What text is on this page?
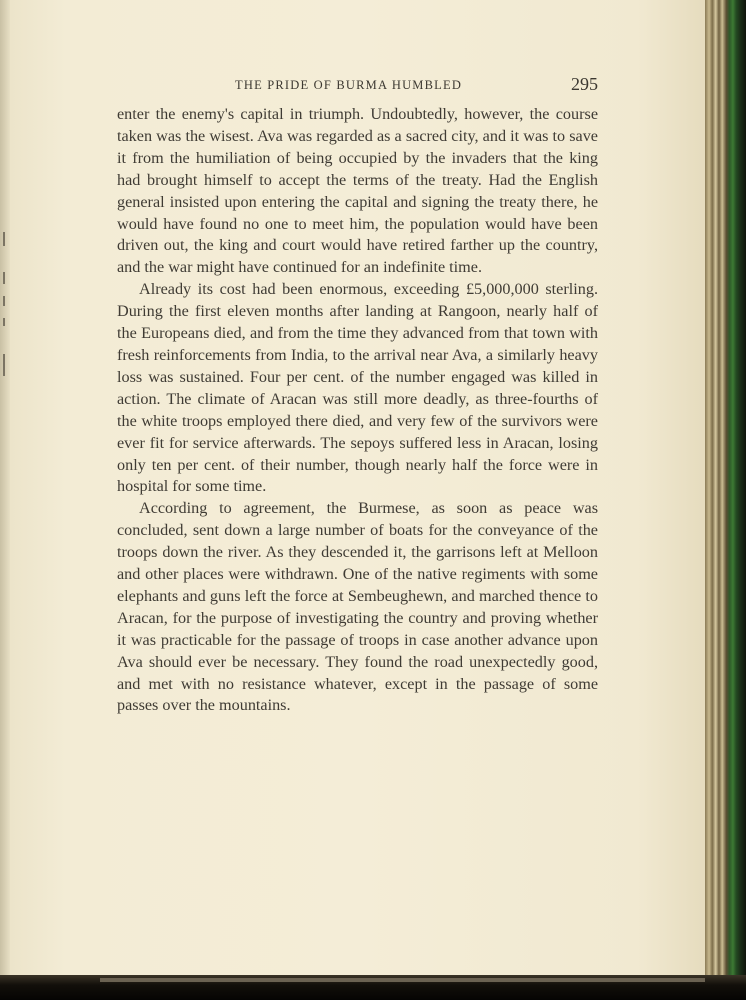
THE PRIDE OF BURMA HUMBLED	295

enter the enemy's capital in triumph. Undoubtedly, however, the course taken was the wisest. Ava was regarded as a sacred city, and it was to save it from the humiliation of being occupied by the invaders that the king had brought himself to accept the terms of the treaty. Had the English general insisted upon entering the capital and signing the treaty there, he would have found no one to meet him, the population would have been driven out, the king and court would have retired farther up the country, and the war might have continued for an indefinite time.

Already its cost had been enormous, exceeding £5,000,000 sterling. During the first eleven months after landing at Rangoon, nearly half of the Europeans died, and from the time they advanced from that town with fresh reinforcements from India, to the arrival near Ava, a similarly heavy loss was sustained. Four per cent. of the number engaged was killed in action. The climate of Aracan was still more deadly, as three-fourths of the white troops employed there died, and very few of the survivors were ever fit for service afterwards. The sepoys suffered less in Aracan, losing only ten per cent. of their number, though nearly half the force were in hospital for some time.

According to agreement, the Burmese, as soon as peace was concluded, sent down a large number of boats for the conveyance of the troops down the river. As they descended it, the garrisons left at Melloon and other places were withdrawn. One of the native regiments with some elephants and guns left the force at Sembeughewn, and marched thence to Aracan, for the purpose of investigating the country and proving whether it was practicable for the passage of troops in case another advance upon Ava should ever be necessary. They found the road unexpectedly good, and met with no resistance whatever, except in the passage of some passes over the mountains.
